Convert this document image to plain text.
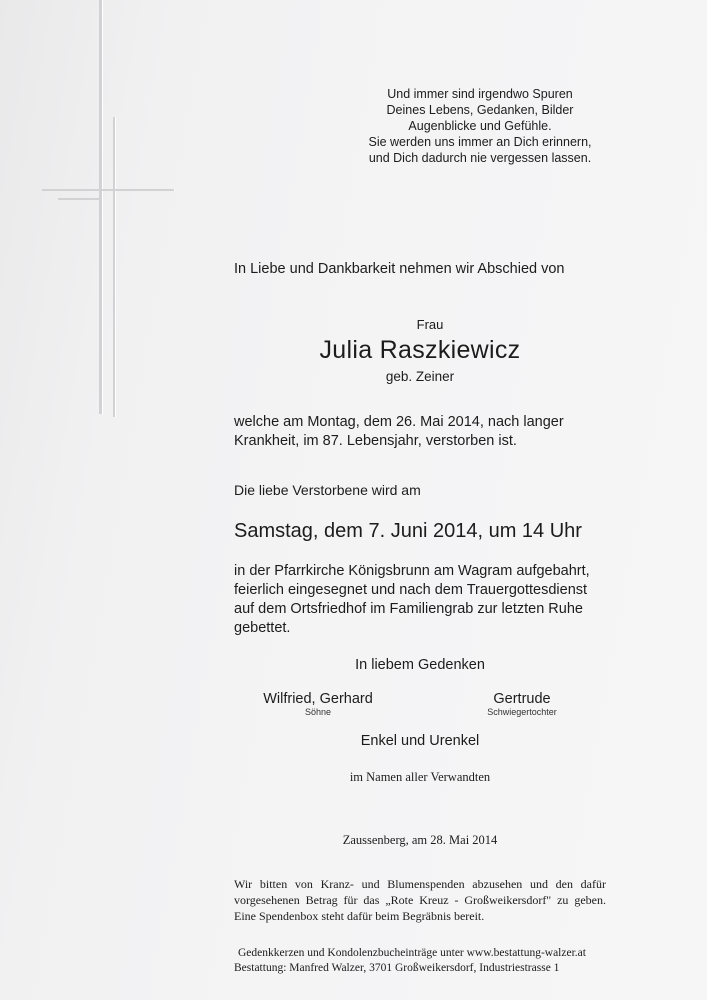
Und immer sind irgendwo Spuren
Deines Lebens, Gedanken, Bilder
Augenblicke und Gefühle.
Sie werden uns immer an Dich erinnern,
und Dich dadurch nie vergessen lassen.
In Liebe und Dankbarkeit nehmen wir Abschied von
Frau
Julia Raszkiewicz
geb. Zeiner
welche am Montag, dem 26. Mai 2014, nach langer
Krankheit, im 87. Lebensjahr, verstorben ist.
Die liebe Verstorbene wird am
Samstag, dem 7. Juni 2014, um 14 Uhr
in der Pfarrkirche Königsbrunn am Wagram aufgebahrt,
feierlich eingesegnet und nach dem Trauergottesdienst
auf dem Ortsfriedhof im Familiengrab zur letzten Ruhe
gebettet.
In liebem Gedenken
Wilfried, Gerhard
Söhne
Gertrude
Schwiegertochter
Enkel und Urenkel
im Namen aller Verwandten
Zaussenberg, am 28. Mai 2014
Wir bitten von Kranz- und Blumenspenden abzusehen und den dafür
vorgesehenen Betrag für das „Rote Kreuz - Großweikersdorf" zu geben.
Eine Spendenbox steht dafür beim Begräbnis bereit.
Gedenkkerzen und Kondolenzbucheinträge unter www.bestattung-walzer.at
Bestattung: Manfred Walzer, 3701 Großweikersdorf, Industriestrasse 1
